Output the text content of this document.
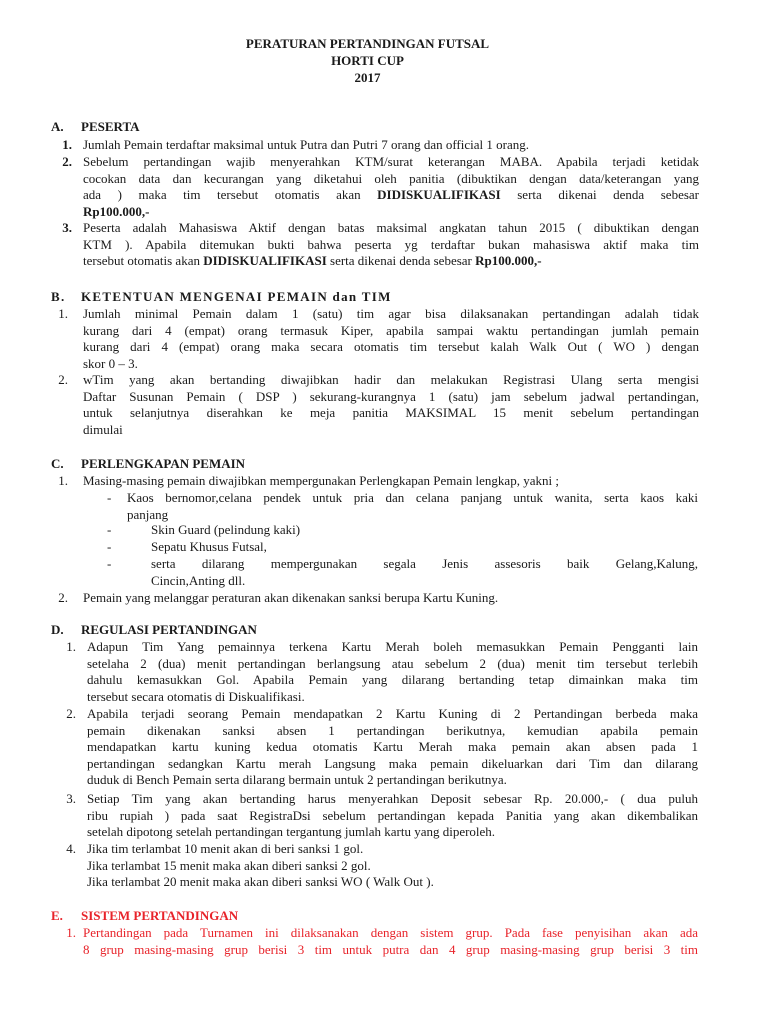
PERATURAN PERTANDINGAN FUTSAL
HORTI CUP
2017
A. PESERTA
1. Jumlah Pemain terdaftar maksimal untuk Putra dan Putri 7 orang dan official 1 orang.
2. Sebelum pertandingan wajib menyerahkan KTM/surat keterangan MABA. Apabila terjadi ketidak
cocokan data dan kecurangan yang diketahui oleh panitia (dibuktikan dengan data/keterangan yang
ada ) maka tim tersebut otomatis akan DIDISKUALIFIKASI serta dikenai denda sebesar
Rp100.000,-
3. Peserta adalah Mahasiswa Aktif dengan batas maksimal angkatan tahun 2015 ( dibuktikan dengan
KTM ). Apabila ditemukan bukti bahwa peserta yg terdaftar bukan mahasiswa aktif maka tim
tersebut otomatis akan DIDISKUALIFIKASI serta dikenai denda sebesar Rp100.000,-
B. KETENTUAN MENGENAI PEMAIN dan TIM
1. Jumlah minimal Pemain dalam 1 (satu) tim agar bisa dilaksanakan pertandingan adalah tidak
kurang dari 4 (empat) orang termasuk Kiper, apabila sampai waktu pertandingan jumlah pemain
kurang dari 4 (empat) orang maka secara otomatis tim tersebut kalah Walk Out ( WO ) dengan
skor 0 – 3.
2. wTim yang akan bertanding diwajibkan hadir dan melakukan Registrasi Ulang serta mengisi
Daftar Susunan Pemain ( DSP ) sekurang-kurangnya 1 (satu) jam sebelum jadwal pertandingan,
untuk selanjutnya diserahkan ke meja panitia MAKSIMAL 15 menit sebelum pertandingan
dimulai
C. PERLENGKAPAN PEMAIN
1. Masing-masing pemain diwajibkan mempergunakan Perlengkapan Pemain lengkap, yakni ;
- Kaos bernomor,celana pendek untuk pria dan celana panjang untuk wanita, serta kaos kaki
panjang
-	Skin Guard (pelindung kaki)
-	Sepatu Khusus Futsal,
-	serta dilarang mempergunakan segala Jenis assesoris baik Gelang,Kalung,
Cincin,Anting dll.
2. Pemain yang melanggar peraturan akan dikenakan sanksi berupa Kartu Kuning.
D. REGULASI PERTANDINGAN
1. Adapun Tim Yang pemainnya terkena Kartu Merah boleh memasukkan Pemain Pengganti lain
setelaha 2 (dua) menit pertandingan berlangsung atau sebelum 2 (dua) menit tim tersebut terlebih
dahulu kemasukkan Gol. Apabila Pemain yang dilarang bertanding tetap dimainkan maka tim
tersebut secara otomatis di Diskualifikasi.
2. Apabila terjadi seorang Pemain mendapatkan 2 Kartu Kuning di 2 Pertandingan berbeda maka
pemain dikenakan sanksi absen 1 pertandingan berikutnya, kemudian apabila pemain
mendapatkan kartu kuning kedua otomatis Kartu Merah maka pemain akan absen pada 1
pertandingan sedangkan Kartu merah Langsung maka pemain dikeluarkan dari Tim dan dilarang
duduk di Bench Pemain serta dilarang bermain untuk 2 pertandingan berikutnya.
3. Setiap Tim yang akan bertanding harus menyerahkan Deposit sebesar Rp. 20.000,- ( dua puluh
ribu rupiah ) pada saat RegistraDsi sebelum pertandingan kepada Panitia yang akan dikembalikan
setelah dipotong setelah pertandingan tergantung jumlah kartu yang diperoleh.
4. Jika tim terlambat 10 menit akan di beri sanksi 1 gol.
Jika terlambat 15 menit maka akan diberi sanksi 2 gol.
Jika terlambat 20 menit maka akan diberi sanksi WO ( Walk Out ).
E. SISTEM PERTANDINGAN
1. Pertandingan pada Turnamen ini dilaksanakan dengan sistem grup. Pada fase penyisihan akan ada
8 grup masing-masing grup berisi 3 tim untuk putra dan 4 grup masing-masing grup berisi 3 tim
